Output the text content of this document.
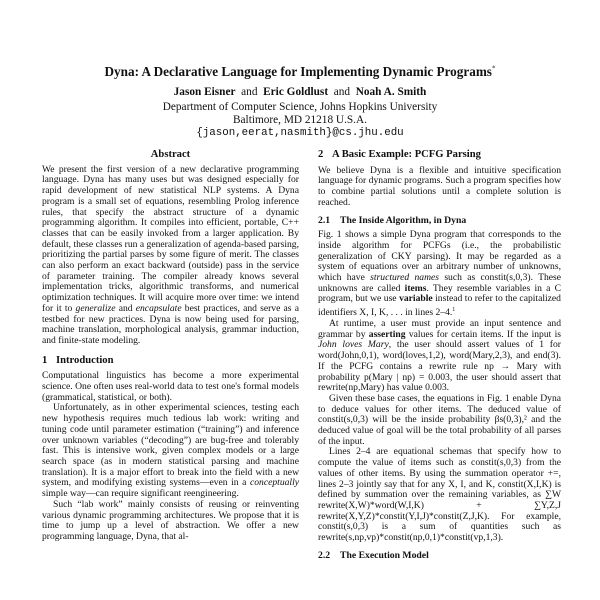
Dyna: A Declarative Language for Implementing Dynamic Programs*
Jason Eisner and Eric Goldlust and Noah A. Smith
Department of Computer Science, Johns Hopkins University
Baltimore, MD 21218 U.S.A.
{jason,eerat,nasmith}@cs.jhu.edu
Abstract

We present the first version of a new declarative programming language. Dyna has many uses but was designed especially for rapid development of new statistical NLP systems. A Dyna program is a small set of equations, resembling Prolog inference rules, that specify the abstract structure of a dynamic programming algorithm. It compiles into efficient, portable, C++ classes that can be easily invoked from a larger application. By default, these classes run a generalization of agenda-based parsing, prioritizing the partial parses by some figure of merit. The classes can also perform an exact backward (outside) pass in the service of parameter training. The compiler already knows several implementation tricks, algorithmic transforms, and numerical optimization techniques. It will acquire more over time: we intend for it to generalize and encapsulate best practices, and serve as a testbed for new practices. Dyna is now being used for parsing, machine translation, morphological analysis, grammar induction, and finite-state modeling.

1 Introduction

Computational linguistics has become a more experimental science. One often uses real-world data to test one's formal models (grammatical, statistical, or both).

Unfortunately, as in other experimental sciences, testing each new hypothesis requires much tedious lab work: writing and tuning code until parameter estimation (“training”) and inference over unknown variables (“decoding”) are bug-free and tolerably fast. This is intensive work, given complex models or a large search space (as in modern statistical parsing and machine translation). It is a major effort to break into the field with a new system, and modifying existing systems—even in a conceptually simple way—can require significant reengineering.

Such “lab work” mainly consists of reusing or reinventing various dynamic programming architectures. We propose that it is time to jump up a level of abstraction. We offer a new programming language, Dyna, that al-

2 A Basic Example: PCFG Parsing

We believe Dyna is a flexible and intuitive specification language for dynamic programs. Such a program specifies how to combine partial solutions until a complete solution is reached.

2.1 The Inside Algorithm, in Dyna

Fig. 1 shows a simple Dyna program that corresponds to the inside algorithm for PCFGs (i.e., the probabilistic generalization of CKY parsing). It may be regarded as a system of equations over an arbitrary number of unknowns, which have structured names such as constit(s,0,3). These unknowns are called items. They resemble variables in a C program, but we use variable instead to refer to the capitalized identifiers X, I, K, . . . in lines 2–4.$^1$

At runtime, a user must provide an input sentence and grammar by asserting values for certain items. If the input is John loves Mary, the user should assert values of 1 for word(John,0,1), word(loves,1,2), word(Mary,2,3), and end(3). If the PCFG contains a rewrite rule np → Mary with probability p(Mary | np) = 0.003, the user should assert that rewrite(np,Mary) has value 0.003.

Given these base cases, the equations in Fig. 1 enable Dyna to deduce values for other items. The deduced value of constit(s,0,3) will be the inside probability βs(0,3),² and the deduced value of goal will be the total probability of all parses of the input.

Lines 2–4 are equational schemas that specify how to compute the value of items such as constit(s,0,3) from the values of other items. By using the summation operator +=, lines 2–3 jointly say that for any X, I, and K, constit(X,I,K) is defined by summation over the remaining variables, as ∑W rewrite(X,W)*word(W,I,K) + ∑Y,Z,J rewrite(X,Y,Z)*constit(Y,I,J)*constit(Z,J,K). For example, constit(s,0,3) is a sum of quantities such as rewrite(s,np,vp)*constit(np,0,1)*constit(vp,1,3).

2.2 The Execution Model
